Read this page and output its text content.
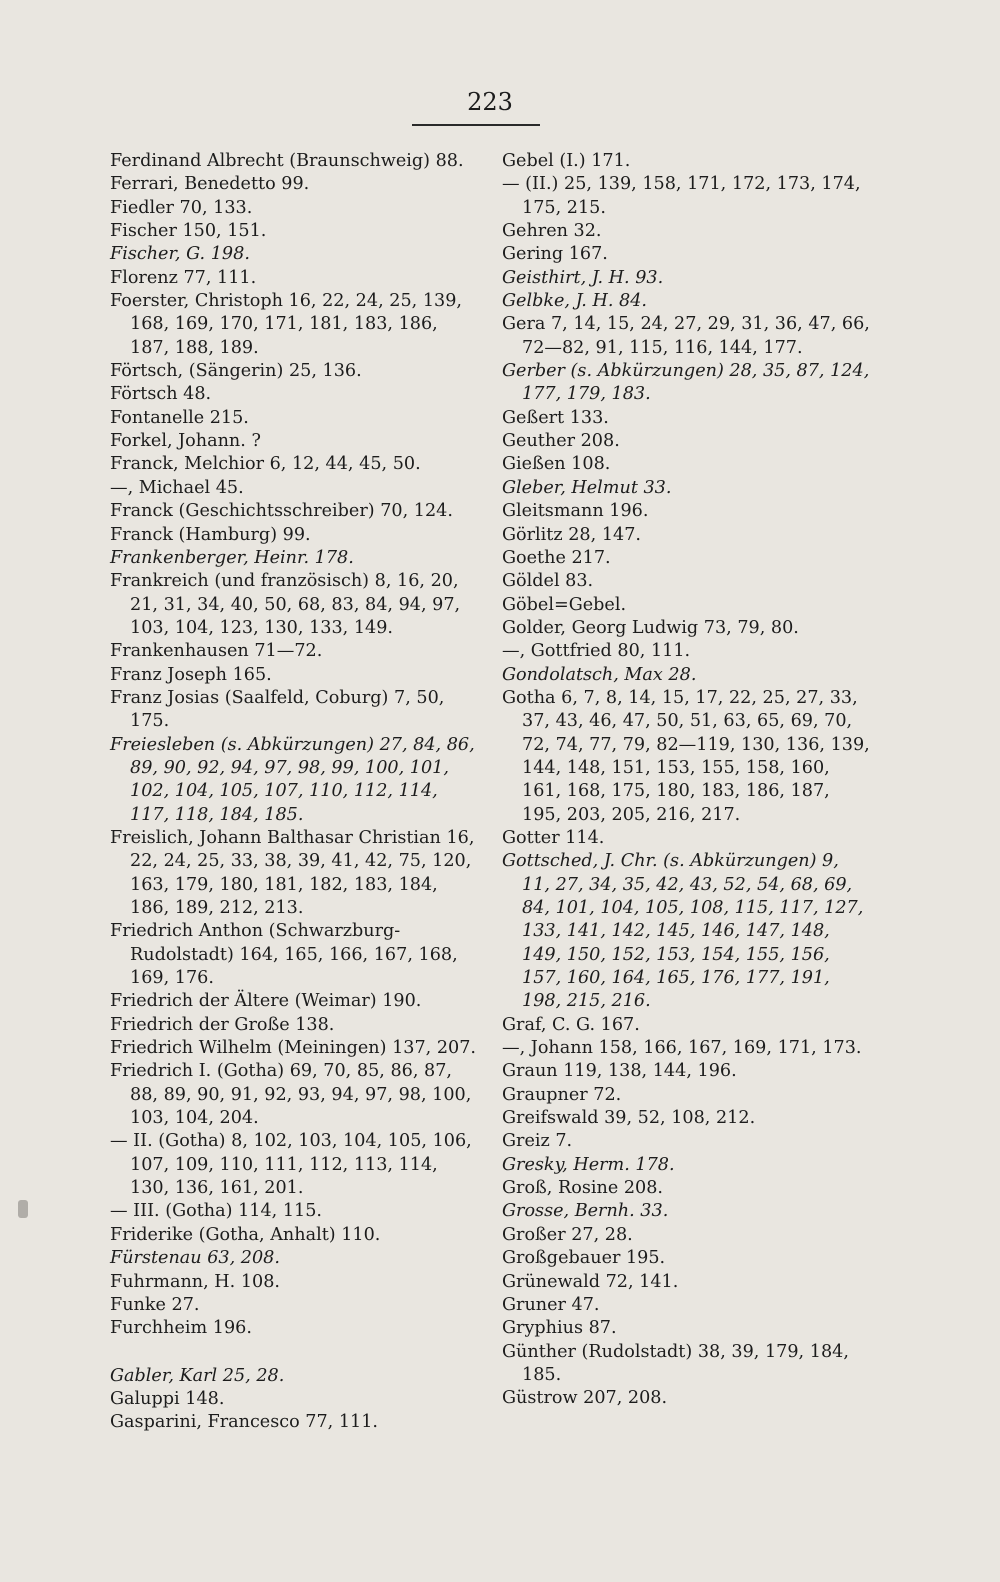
223

Ferdinand Albrecht (Braunschweig) 88.

Ferrari, Benedetto 99.

Fiedler 70, 133.

Fischer 150, 151.

Fischer, G. 198.

Florenz 77, 111.

Foerster, Christoph 16, 22, 24, 25, 139, 168, 169, 170, 171, 181, 183, 186, 187, 188, 189.

Förtsch, (Sängerin) 25, 136.

Förtsch 48.

Fontanelle 215.

Forkel, Johann. ?

Franck, Melchior 6, 12, 44, 45, 50.

—, Michael 45.

Franck (Geschichtsschreiber) 70, 124.

Franck (Hamburg) 99.

Frankenberger, Heinr. 178.

Frankreich (und französisch) 8, 16, 20, 21, 31, 34, 40, 50, 68, 83, 84, 94, 97, 103, 104, 123, 130, 133, 149.

Frankenhausen 71—72.

Franz Joseph 165.

Franz Josias (Saalfeld, Coburg) 7, 50, 175.

Freiesleben (s. Abkürzungen) 27, 84, 86, 89, 90, 92, 94, 97, 98, 99, 100, 101, 102, 104, 105, 107, 110, 112, 114, 117, 118, 184, 185.

Freislich, Johann Balthasar Christian 16, 22, 24, 25, 33, 38, 39, 41, 42, 75, 120, 163, 179, 180, 181, 182, 183, 184, 186, 189, 212, 213.

Friedrich Anthon (Schwarzburg-Rudolstadt) 164, 165, 166, 167, 168, 169, 176.

Friedrich der Ältere (Weimar) 190.

Friedrich der Große 138.

Friedrich Wilhelm (Meiningen) 137, 207.

Friedrich I. (Gotha) 69, 70, 85, 86, 87, 88, 89, 90, 91, 92, 93, 94, 97, 98, 100, 103, 104, 204.

— II. (Gotha) 8, 102, 103, 104, 105, 106, 107, 109, 110, 111, 112, 113, 114, 130, 136, 161, 201.

— III. (Gotha) 114, 115.

Friderike (Gotha, Anhalt) 110.

Fürstenau 63, 208.

Fuhrmann, H. 108.

Funke 27.

Furchheim 196.

Gabler, Karl 25, 28.

Galuppi 148.

Gasparini, Francesco 77, 111.

Gebel (I.) 171.

— (II.) 25, 139, 158, 171, 172, 173, 174, 175, 215.

Gehren 32.

Gering 167.

Geisthirt, J. H. 93.

Gelbke, J. H. 84.

Gera 7, 14, 15, 24, 27, 29, 31, 36, 47, 66, 72—82, 91, 115, 116, 144, 177.

Gerber (s. Abkürzungen) 28, 35, 87, 124, 177, 179, 183.

Geßert 133.

Geuther 208.

Gießen 108.

Gleber, Helmut 33.

Gleitsmann 196.

Görlitz 28, 147.

Goethe 217.

Göldel 83.

Göbel=Gebel.

Golder, Georg Ludwig 73, 79, 80.

—, Gottfried 80, 111.

Gondolatsch, Max 28.

Gotha 6, 7, 8, 14, 15, 17, 22, 25, 27, 33, 37, 43, 46, 47, 50, 51, 63, 65, 69, 70, 72, 74, 77, 79, 82—119, 130, 136, 139, 144, 148, 151, 153, 155, 158, 160, 161, 168, 175, 180, 183, 186, 187, 195, 203, 205, 216, 217.

Gotter 114.

Gottsched, J. Chr. (s. Abkürzungen) 9, 11, 27, 34, 35, 42, 43, 52, 54, 68, 69, 84, 101, 104, 105, 108, 115, 117, 127, 133, 141, 142, 145, 146, 147, 148, 149, 150, 152, 153, 154, 155, 156, 157, 160, 164, 165, 176, 177, 191, 198, 215, 216.

Graf, C. G. 167.

—, Johann 158, 166, 167, 169, 171, 173.

Graun 119, 138, 144, 196.

Graupner 72.

Greifswald 39, 52, 108, 212.

Greiz 7.

Gresky, Herm. 178.

Groß, Rosine 208.

Grosse, Bernh. 33.

Großer 27, 28.

Großgebauer 195.

Grünewald 72, 141.

Gruner 47.

Gryphius 87.

Günther (Rudolstadt) 38, 39, 179, 184, 185.

Güstrow 207, 208.
